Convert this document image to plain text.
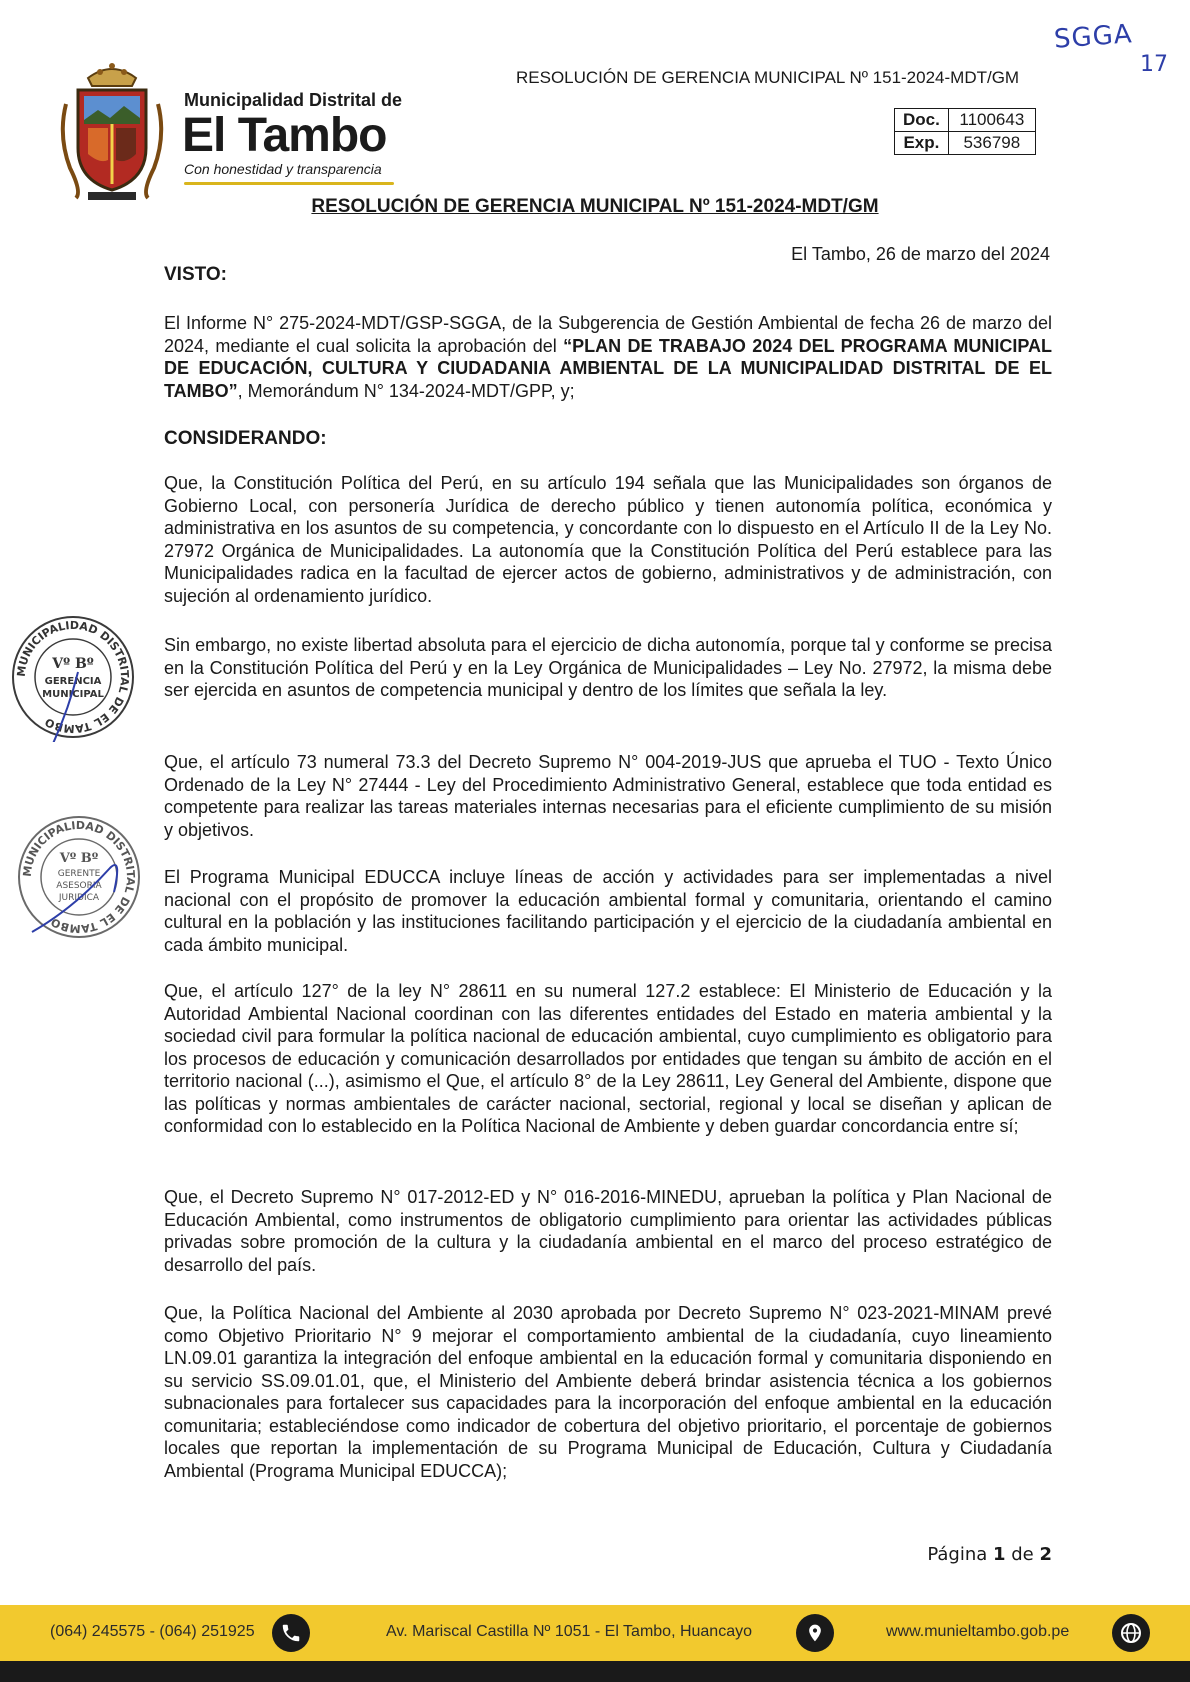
SGGA
17
Municipalidad Distrital de
El Tambo
Con honestidad y transparencia
RESOLUCIÓN DE GERENCIA MUNICIPAL Nº 151-2024-MDT/GM
Doc.	1100643
Exp.	536798
RESOLUCIÓN DE GERENCIA MUNICIPAL Nº 151-2024-MDT/GM
El Tambo, 26 de marzo del 2024
VISTO:
El Informe N° 275-2024-MDT/GSP-SGGA, de la Subgerencia de Gestión Ambiental de fecha 26 de marzo del 2024, mediante el cual solicita la aprobación del “PLAN DE TRABAJO 2024 DEL PROGRAMA MUNICIPAL DE EDUCACIÓN, CULTURA Y CIUDADANIA AMBIENTAL DE LA MUNICIPALIDAD DISTRITAL DE EL TAMBO”, Memorándum N° 134-2024-MDT/GPP, y;
CONSIDERANDO:
Que, la Constitución Política del Perú, en su artículo 194 señala que las Municipalidades son órganos de Gobierno Local, con personería Jurídica de derecho público y tienen autonomía política, económica y administrativa en los asuntos de su competencia, y concordante con lo dispuesto en el Artículo II de la Ley No. 27972 Orgánica de Municipalidades. La autonomía que la Constitución Política del Perú establece para las Municipalidades radica en la facultad de ejercer actos de gobierno, administrativos y de administración, con sujeción al ordenamiento jurídico.
Sin embargo, no existe libertad absoluta para el ejercicio de dicha autonomía, porque tal y conforme se precisa en la Constitución Política del Perú y en la Ley Orgánica de Municipalidades – Ley No. 27972, la misma debe ser ejercida en asuntos de competencia municipal y dentro de los límites que señala la ley.
Que, el artículo 73 numeral 73.3 del Decreto Supremo N° 004-2019-JUS que aprueba el TUO - Texto Único Ordenado de la Ley N° 27444 - Ley del Procedimiento Administrativo General, establece que toda entidad es competente para realizar las tareas materiales internas necesarias para el eficiente cumplimiento de su misión y objetivos.
El Programa Municipal EDUCCA incluye líneas de acción y actividades para ser implementadas a nivel nacional con el propósito de promover la educación ambiental formal y comunitaria, orientando el camino cultural en la población y las instituciones facilitando participación y el ejercicio de la ciudadanía ambiental en cada ámbito municipal.
Que, el artículo 127° de la ley N° 28611 en su numeral 127.2 establece: El Ministerio de Educación y la Autoridad Ambiental Nacional coordinan con las diferentes entidades del Estado en materia ambiental y la sociedad civil para formular la política nacional de educación ambiental, cuyo cumplimiento es obligatorio para los procesos de educación y comunicación desarrollados por entidades que tengan su ámbito de acción en el territorio nacional (...), asimismo el Que, el artículo 8° de la Ley 28611, Ley General del Ambiente, dispone que las políticas y normas ambientales de carácter nacional, sectorial, regional y local se diseñan y aplican de conformidad con lo establecido en la Política Nacional de Ambiente y deben guardar concordancia entre sí;
Que, el Decreto Supremo N° 017-2012-ED y N° 016-2016-MINEDU, aprueban la política y Plan Nacional de Educación Ambiental, como instrumentos de obligatorio cumplimiento para orientar las actividades públicas privadas sobre promoción de la cultura y la ciudadanía ambiental en el marco del proceso estratégico de desarrollo del país.
Que, la Política Nacional del Ambiente al 2030 aprobada por Decreto Supremo N° 023-2021-MINAM prevé como Objetivo Prioritario N° 9 mejorar el comportamiento ambiental de la ciudadanía, cuyo lineamiento LN.09.01 garantiza la integración del enfoque ambiental en la educación formal y comunitaria disponiendo en su servicio SS.09.01.01, que, el Ministerio del Ambiente deberá brindar asistencia técnica a los gobiernos subnacionales para fortalecer sus capacidades para la incorporación del enfoque ambiental en la educación comunitaria; estableciéndose como indicador de cobertura del objetivo prioritario, el porcentaje de gobiernos locales que reportan la implementación de su Programa Municipal de Educación, Cultura y Ciudadanía Ambiental (Programa Municipal EDUCCA);
MUNICIPALIDAD DISTRITAL DE EL TAMBO
Vº Bº
GERENCIA
MUNICIPAL
MUNICIPALIDAD DISTRITAL DE EL TAMBO
Vº Bº
GERENTE
ASESORIA
JURIDICA
Página 1 de 2
(064) 245575 - (064) 251925	Av. Mariscal Castilla Nº 1051 - El Tambo, Huancayo	www.munieltambo.gob.pe
